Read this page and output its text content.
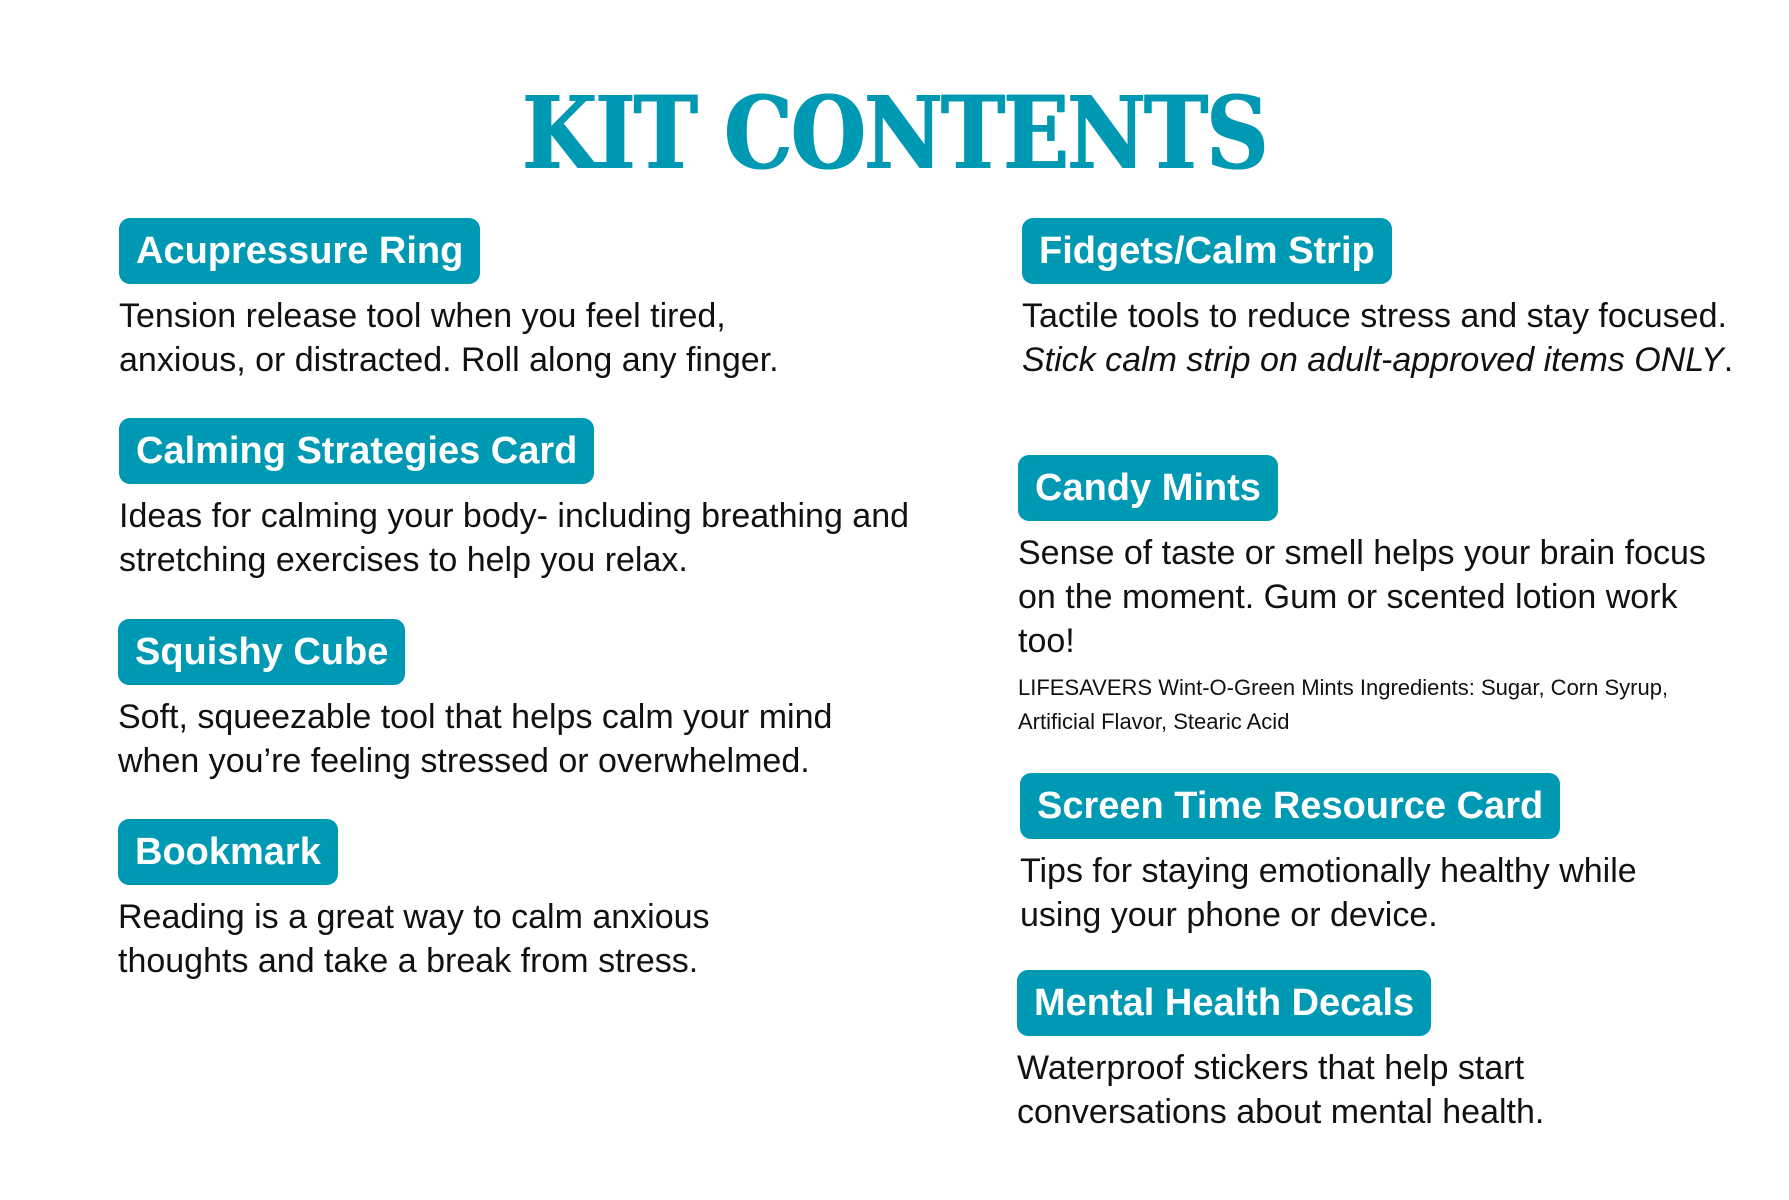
KIT CONTENTS
Acupressure Ring
Tension release tool when you feel tired, anxious, or distracted. Roll along any finger.
Calming Strategies Card
Ideas for calming your body- including breathing and stretching exercises to help you relax.
Squishy Cube
Soft, squeezable tool that helps calm your mind when you’re feeling stressed or overwhelmed.
Bookmark
Reading is a great way to calm anxious thoughts and take a break from stress.
Fidgets/Calm Strip
Tactile tools to reduce stress and stay focused. Stick calm strip on adult-approved items ONLY.
Candy Mints
Sense of taste or smell helps your brain focus on the moment. Gum or scented lotion work too!
LIFESAVERS Wint-O-Green Mints Ingredients: Sugar, Corn Syrup, Artificial Flavor, Stearic Acid
Screen Time Resource Card
Tips for staying emotionally healthy while using your phone or device.
Mental Health Decals
Waterproof stickers that help start conversations about mental health.
